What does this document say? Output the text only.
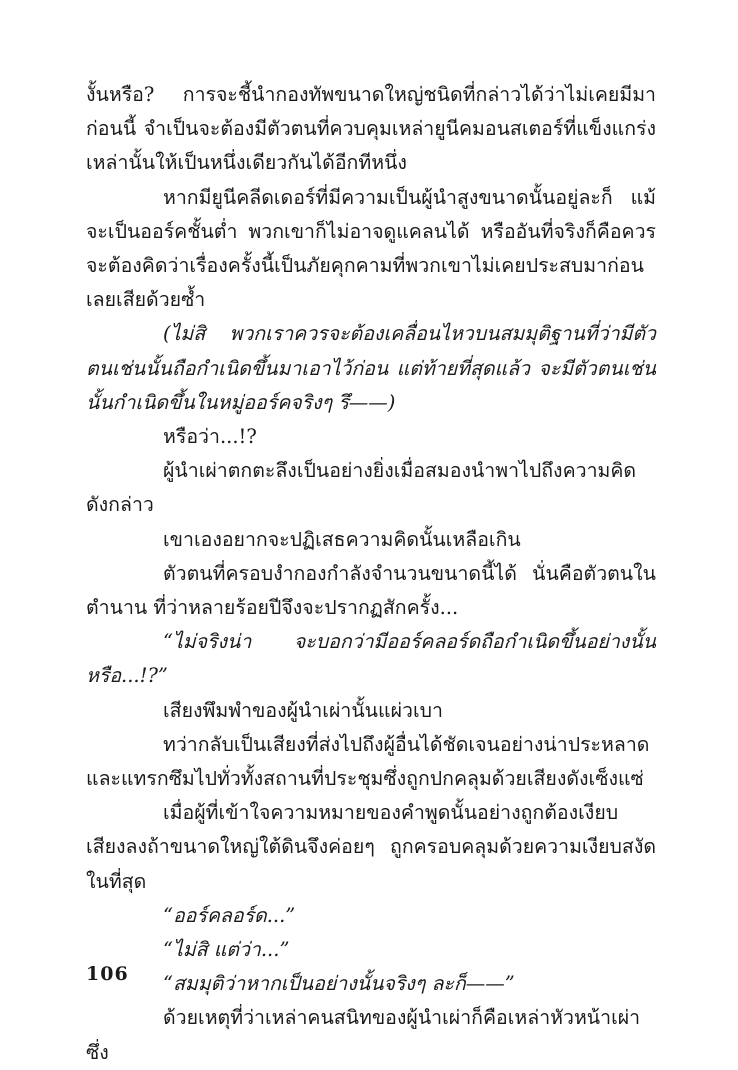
งั้นหรือ? การจะชี้นำกองทัพขนาดใหญ่ชนิดที่กล่าวได้ว่าไม่เคยมีมาก่อนนี้ จำเป็นจะต้องมีตัวตนที่ควบคุมเหล่ายูนีคมอนสเตอร์ที่แข็งแกร่งเหล่านั้นให้เป็นหนึ่งเดียวกันได้อีกทีหนึ่ง

หากมียูนีคลีดเดอร์ที่มีความเป็นผู้นำสูงขนาดนั้นอยู่ละก็ แม้จะเป็นออร์คชั้นต่ำ พวกเขาก็ไม่อาจดูแคลนได้ หรืออันที่จริงก็คือควรจะต้องคิดว่าเรื่องครั้งนี้เป็นภัยคุกคามที่พวกเขาไม่เคยประสบมาก่อนเลยเสียด้วยซ้ำ

(ไม่สิ พวกเราควรจะต้องเคลื่อนไหวบนสมมุติฐานที่ว่ามีตัวตนเช่นนั้นถือกำเนิดขึ้นมาเอาไว้ก่อน แต่ท้ายที่สุดแล้ว จะมีตัวตนเช่นนั้นกำเนิดขึ้นในหมู่ออร์คจริงๆ รึ——)

หรือว่า...!?

ผู้นำเผ่าตกตะลึงเป็นอย่างยิ่งเมื่อสมองนำพาไปถึงความคิดดังกล่าว

เขาเองอยากจะปฏิเสธความคิดนั้นเหลือเกิน

ตัวตนที่ครอบงำกองกำลังจำนวนขนาดนี้ได้ นั่นคือตัวตนในตำนาน ที่ว่าหลายร้อยปีจึงจะปรากฏสักครั้ง...

“ไม่จริงน่า จะบอกว่ามีออร์คลอร์ดถือกำเนิดขึ้นอย่างนั้นหรือ...!?”

เสียงพึมพำของผู้นำเผ่านั้นแผ่วเบา

ทว่ากลับเป็นเสียงที่ส่งไปถึงผู้อื่นได้ชัดเจนอย่างน่าประหลาดและแทรกซึมไปทั่วทั้งสถานที่ประชุมซึ่งถูกปกคลุมด้วยเสียงดังเซ็งแซ่

เมื่อผู้ที่เข้าใจความหมายของคำพูดนั้นอย่างถูกต้องเงียบเสียงลงถ้าขนาดใหญ่ใต้ดินจึงค่อยๆ ถูกครอบคลุมด้วยความเงียบสงัดในที่สุด

“ออร์คลอร์ด...”

“ไม่สิ แต่ว่า...”

“สมมุติว่าหากเป็นอย่างนั้นจริงๆ ละก็——”

ด้วยเหตุที่ว่าเหล่าคนสนิทของผู้นำเผ่าก็คือเหล่าหัวหน้าเผ่าซึ่ง

106
